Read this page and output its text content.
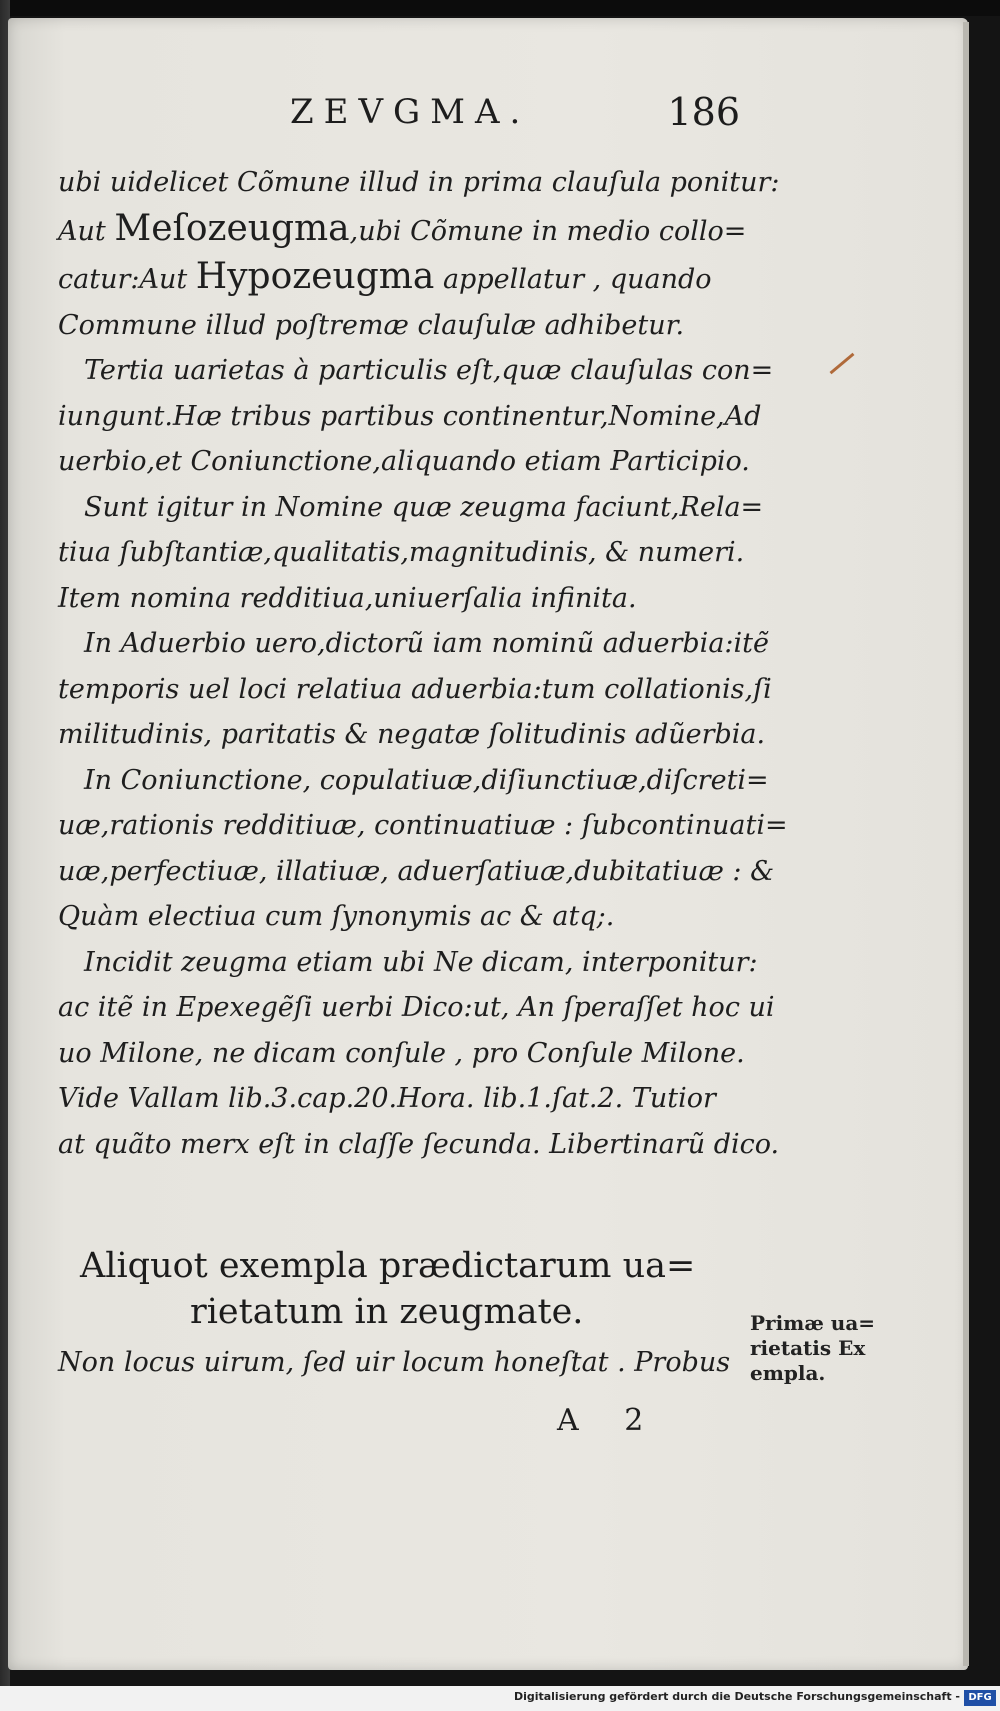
ZEVGMA.	186
ubi uidelicet Cõmune illud in prima clauſula ponitur:
Aut Meſozeugma,ubi Cõmune in medio collo=
catur:Aut Hypozeugma appellatur , quando
Commune illud poſtremæ clauſulæ adhibetur.
Tertia uarietas à particulis eſt,quæ clauſulas con=
iungunt.Hæ tribus partibus continentur,Nomine,Ad
uerbio,et Coniunctione,aliquando etiam Participio.
Sunt igitur in Nomine quæ zeugma faciunt,Rela=
tiua ſubſtantiæ,qualitatis,magnitudinis, & numeri.
Item nomina redditiua,uniuerſalia infinita.
In Aduerbio uero,dictorũ iam nominũ aduerbia:itẽ
temporis uel loci relatiua aduerbia:tum collationis,ſi
militudinis, paritatis & negatæ ſolitudinis adũerbia.
In Coniunctione, copulatiuæ,diſiunctiuæ,diſcreti=
uæ,rationis redditiuæ, continuatiuæ : ſubcontinuati=
uæ,perfectiuæ, illatiuæ, aduerſatiuæ,dubitatiuæ : &
Quàm electiua cum ſynonymis ac & atq;.
Incidit zeugma etiam ubi Ne dicam, interponitur:
ac itẽ in Epexegẽſi uerbi Dico:ut, An ſperaſſet hoc ui
uo Milone, ne dicam conſule , pro Conſule Milone.
Vide Vallam lib.3.cap.20.Hora. lib.1.ſat.2. Tutior
at quãto merx eſt in claſſe ſecunda. Libertinarũ dico.
Aliquot exempla prædictarum ua=
rietatum in zeugmate.
Non locus uirum, ſed uir locum honeſtat . Probus
Primæ ua=
rietatis Ex
empla.
A 2
Digitalisierung gefördert durch die Deutsche Forschungsgemeinschaft - DFG
